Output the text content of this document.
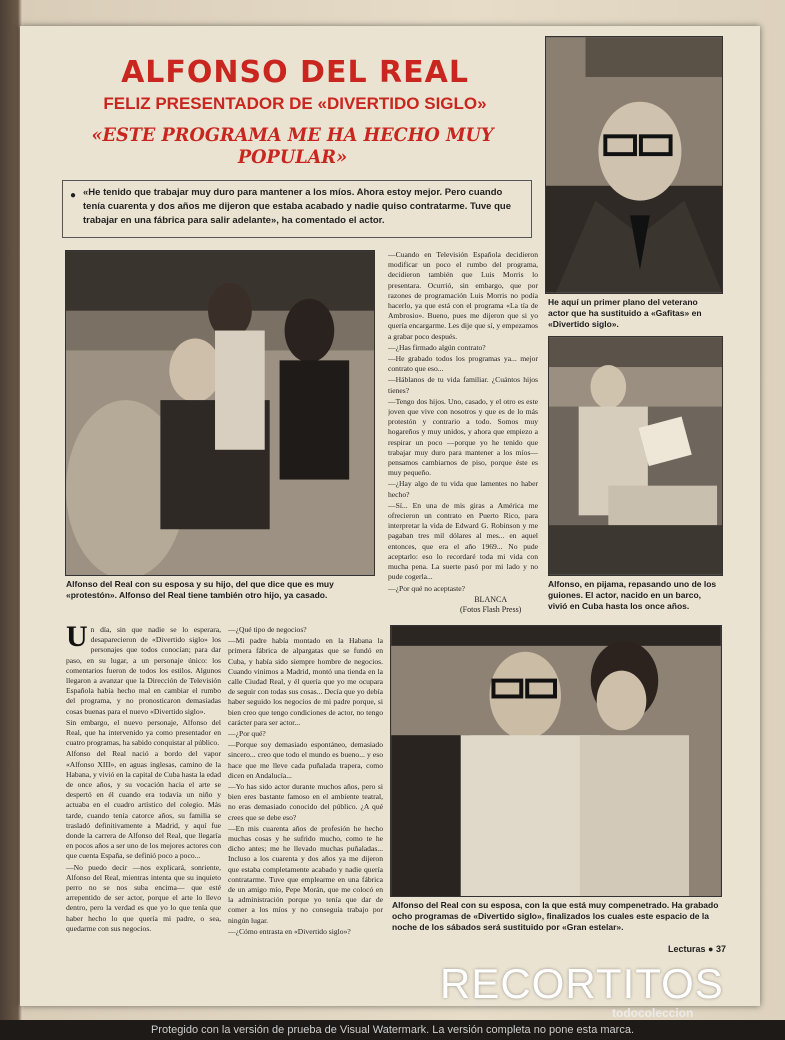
ALFONSO DEL REAL
FELIZ PRESENTADOR DE «DIVERTIDO SIGLO»
«ESTE PROGRAMA ME HA HECHO MUY POPULAR»
● «He tenido que trabajar muy duro para mantener a los míos. Ahora estoy mejor. Pero cuando tenía cuarenta y dos años me dijeron que estaba acabado y nadie quiso contratarme. Tuve que trabajar en una fábrica para salir adelante», ha comentado el actor.
He aquí un primer plano del veterano actor que ha sustituido a «Gafitas» en «Divertido siglo».
Alfonso del Real con su esposa y su hijo, del que dice que es muy «protestón». Alfonso del Real tiene también otro hijo, ya casado.

—Cuando en Televisión Española decidieron modificar un poco el rumbo del programa, decidieron también que Luis Morris lo presentara. Ocurrió, sin embargo, que por razones de programación Luis Morris no podía hacerlo, ya que está con el programa «La tía de Ambrosio». Bueno, pues me dijeron que si yo quería encargarme. Les dije que sí, y empezamos a grabar poco después.

—¿Has firmado algún contrato?

—He grabado todos los programas ya... mejor contrato que eso...

—Háblanos de tu vida familiar. ¿Cuántos hijos tienes?

—Tengo dos hijos. Uno, casado, y el otro es este joven que vive con nosotros y que es de lo más protestón y contrario a todo. Somos muy hogareños y muy unidos, y ahora que empiezo a respirar un poco —porque yo he tenido que trabajar muy duro para mantener a los míos— pensamos cambiarnos de piso, porque éste es muy pequeño.

—¿Hay algo de tu vida que lamentes no haber hecho?

—Sí... En una de mis giras a América me ofrecieron un contrato en Puerto Rico, para interpretar la vida de Edward G. Robinson y me pagaban tres mil dólares al mes... en aquel entonces, que era el año 1969... No pude aceptarlo: eso lo recordaré toda mi vida con mucha pena. La suerte pasó por mi lado y no pude cogerla...

—¿Por qué no aceptaste?

BLANCA
(Fotos Flash Press)
Alfonso, en pijama, repasando uno de los guiones. El actor, nacido en un barco, vivió en Cuba hasta los once años.

Un día, sin que nadie se lo esperara, desaparecieron de «Divertido siglo» los personajes que todos conocían; para dar paso, en su lugar, a un personaje único: los comentarios fueron de todos los estilos. Algunos llegaron a avanzar que la Dirección de Televisión Española había hecho mal en cambiar el rumbo del programa, y no pronosticaron demasiadas cosas buenas para el nuevo «Divertido siglo».

Sin embargo, el nuevo personaje, Alfonso del Real, que ha intervenido ya como presentador en cuatro programas, ha sabido conquistar al público.

Alfonso del Real nació a bordo del vapor «Alfonso XIII», en aguas inglesas, camino de la Habana, y vivió en la capital de Cuba hasta la edad de once años, y su vocación hacia el arte se despertó en él cuando era todavía un niño y actuaba en el cuadro artístico del colegio. Más tarde, cuando tenía catorce años, su familia se trasladó definitivamente a Madrid, y aquí fue donde la carrera de Alfonso del Real, que llegaría en pocos años a ser uno de los mejores actores con que cuenta España, se definió poco a poco...

—No puedo decir —nos explicará, sonriente, Alfonso del Real, mientras intenta que su inquieto perro no se nos suba encima— que esté arrepentido de ser actor, porque el arte lo llevo dentro, pero la verdad es que yo lo que tenía que haber hecho lo que quería mi padre, o sea, quedarme con sus negocios.

—¿Qué tipo de negocios?

—Mi padre había montado en la Habana la primera fábrica de alpargatas que se fundó en Cuba, y había sido siempre hombre de negocios. Cuando vinimos a Madrid, montó una tienda en la calle Ciudad Real, y él quería que yo me ocupara de seguir con todas sus cosas... Decía que yo debía haber seguido los negocios de mi padre porque, si bien creo que tengo condiciones de actor, no tengo carácter para ser actor...

—¿Por qué?

—Porque soy demasiado espontáneo, demasiado sincero... creo que todo el mundo es bueno... y eso hace que me lleve cada puñalada trapera, como dicen en Andalucía...

—Yo has sido actor durante muchos años, pero si bien eres bastante famoso en el ambiente teatral, no eras demasiado conocido del público. ¿A qué crees que se debe eso?

—En mis cuarenta años de profesión he hecho muchas cosas y he sufrido mucho, como te he dicho antes; me he llevado muchas puñaladas... Incluso a los cuarenta y dos años ya me dijeron que estaba completamente acabado y nadie quería contratarme. Tuve que emplearme en una fábrica de un amigo mío, Pepe Morán, que me colocó en la administración porque yo tenía que dar de comer a los míos y no conseguía trabajo por ningún lugar.

—¿Cómo entrasta en «Divertido siglo»?

Alfonso del Real con su esposa, con la que está muy compenetrado. Ha grabado ocho programas de «Divertido siglo», finalizados los cuales este espacio de la noche de los sábados será sustituido por «Gran estelar».
Lecturas ● 37
RECORTITOS
todocoleccion
Protegido con la versión de prueba de Visual Watermark. La versión completa no pone esta marca.
